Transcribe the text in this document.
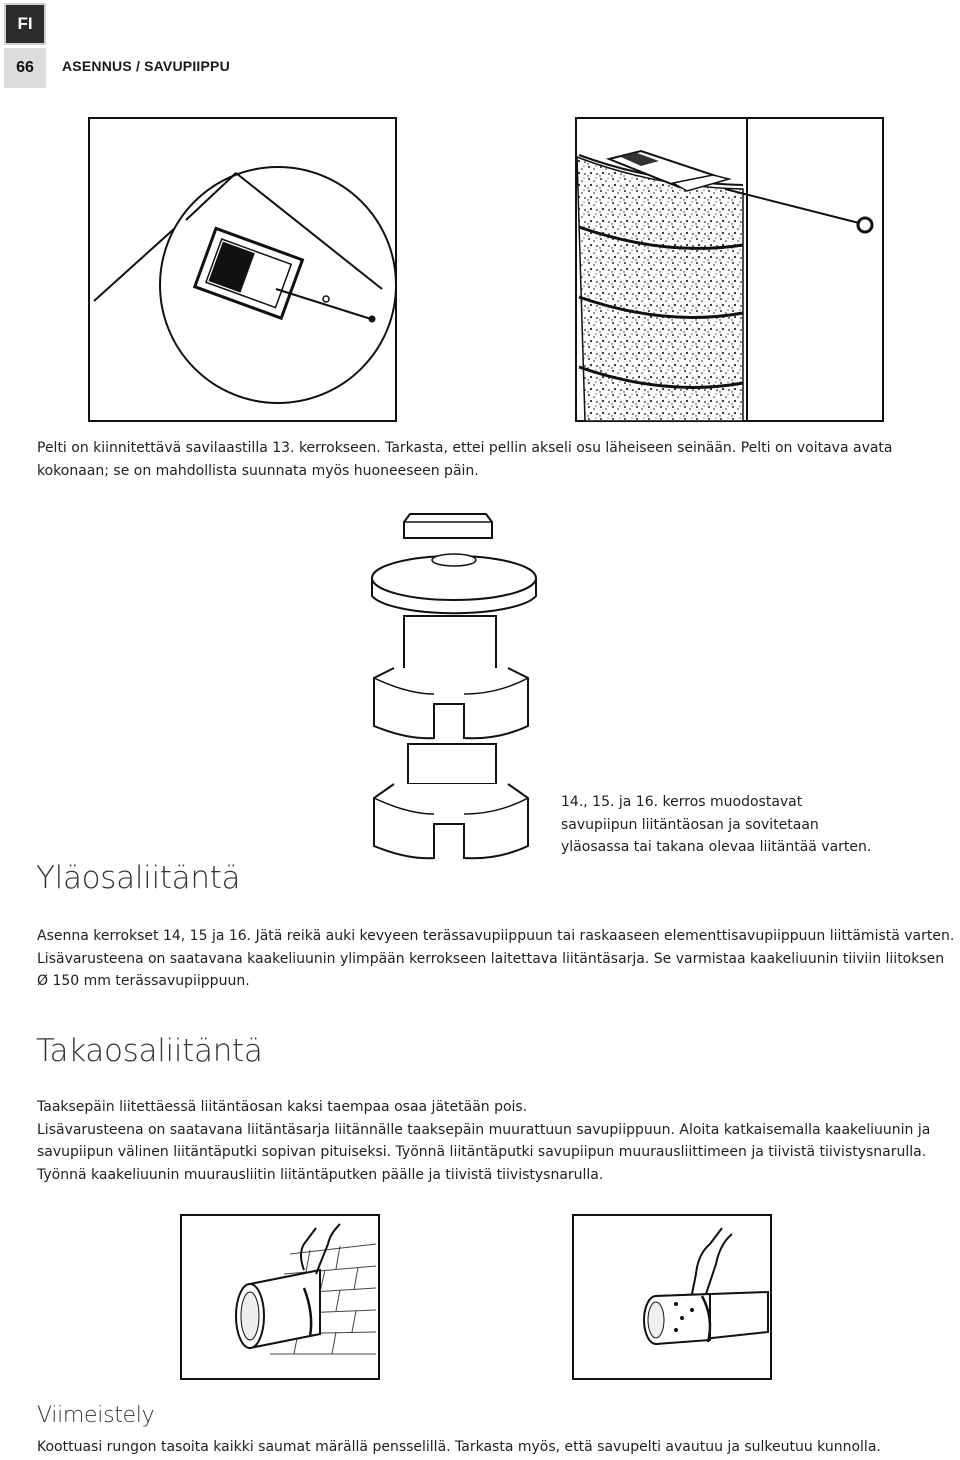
FI
66	ASENNUS / SAVUPIIPPU

Pelti on kiinnitettävä savilaastilla 13. kerrokseen. Tarkasta, ettei pellin akseli osu läheiseen seinään. Pelti on voitava avata kokonaan; se on mahdollista suunnata myös huoneeseen päin.

14., 15. ja 16. kerros muodostavat savupiipun liitäntäosan ja sovitetaan yläosassa tai takana olevaa liitäntää varten.

Yläosaliitäntä

Asenna kerrokset 14, 15 ja 16. Jätä reikä auki kevyeen terässavupiippuun tai raskaaseen elementtisavupiippuun liittämistä varten. Lisävarusteena on saatavana kaakeliuunin ylimpään kerrokseen laitettava liitäntäsarja. Se varmistaa kaakeliuunin tiiviin liitoksen Ø 150 mm terässavupiippuun.

Takaosaliitäntä

Taaksepäin liitettäessä liitäntäosan kaksi taempaa osaa jätetään pois.

Lisävarusteena on saatavana liitäntäsarja liitännälle taaksepäin muurattuun savupiippuun. Aloita katkaisemalla kaakeliuunin ja savupiipun välinen liitäntäputki sopivan pituiseksi. Työnnä liitäntäputki savupiipun muurausliittimeen ja tiivistä tiivistysnarulla. Työnnä kaakeliuunin muurausliitin liitäntäputken päälle ja tiivistä tiivistysnarulla.

Viimeistely

Koottuasi rungon tasoita kaikki saumat märällä pensselillä. Tarkasta myös, että savupelti avautuu ja sulkeutuu kunnolla.
